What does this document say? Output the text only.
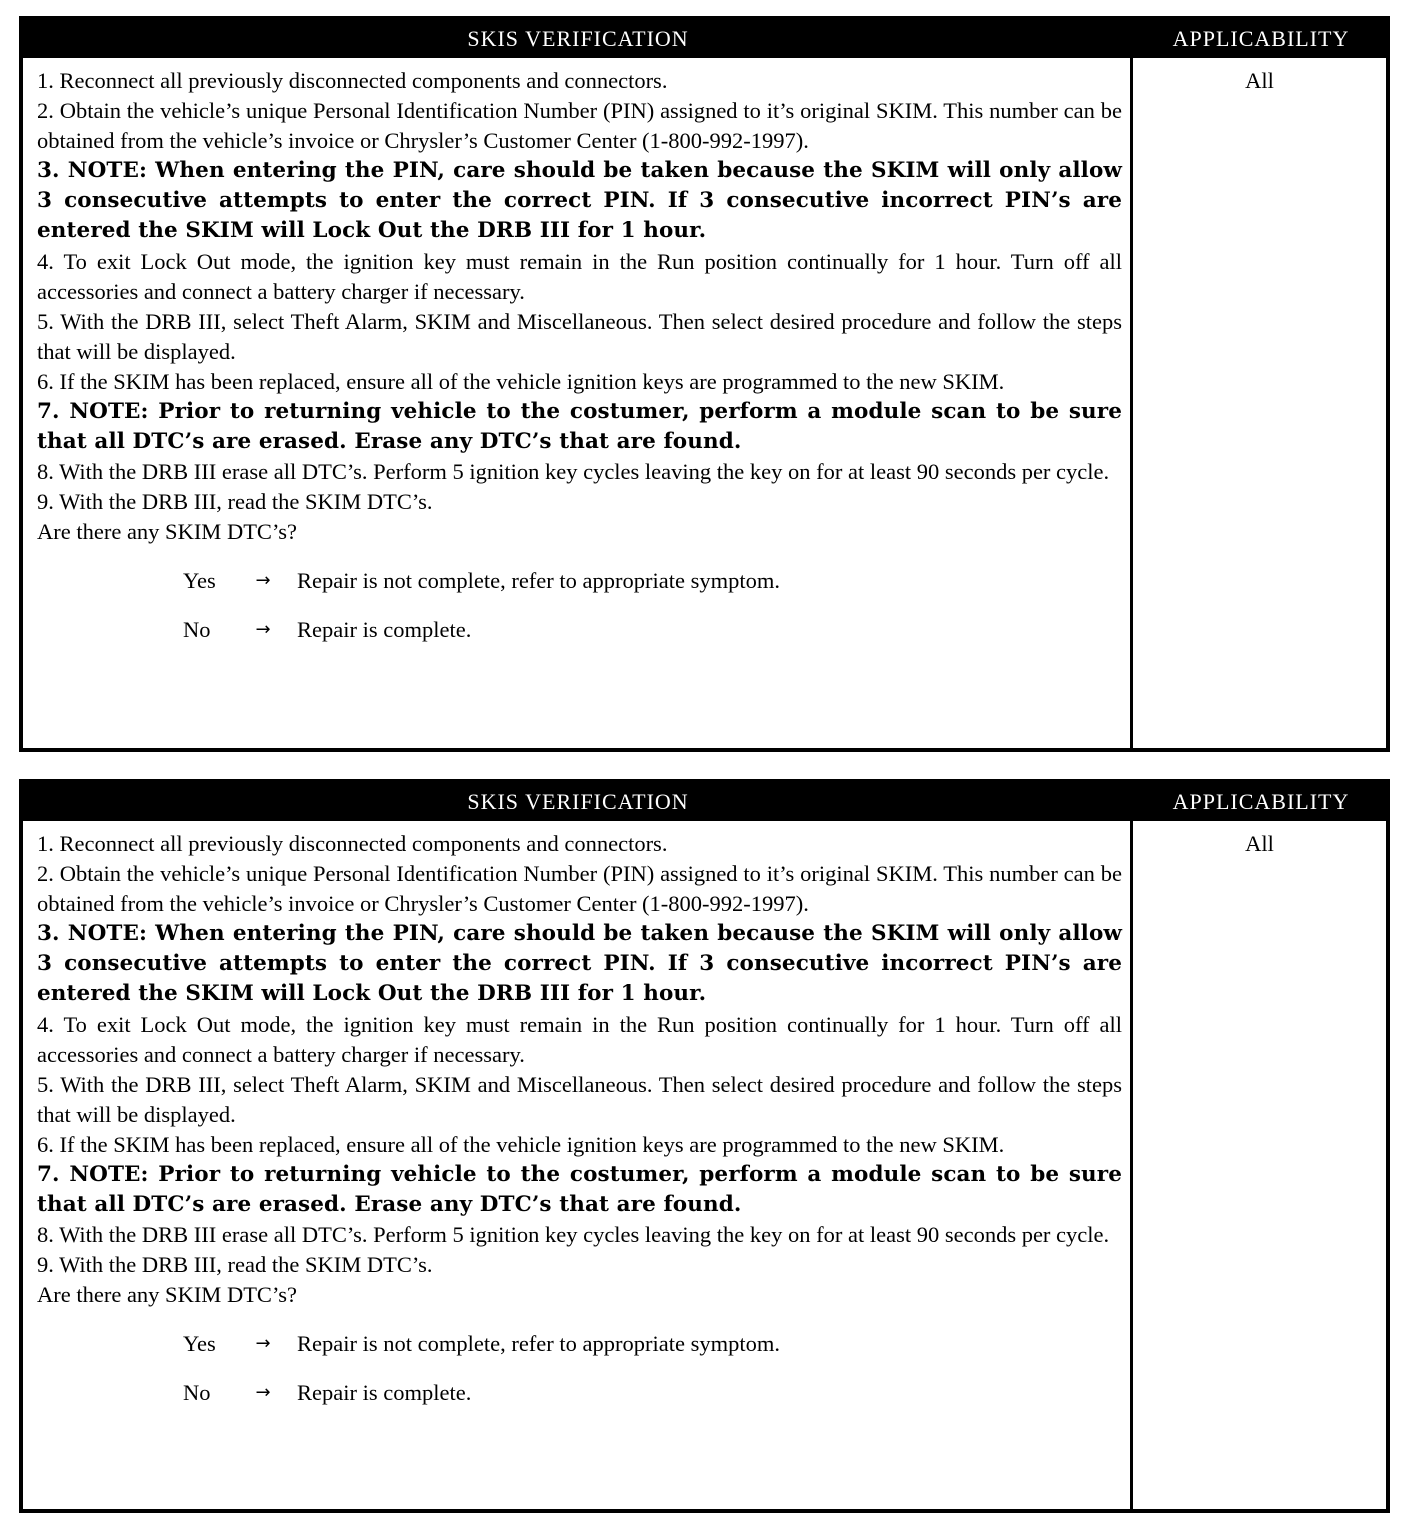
SKIS VERIFICATION	APPLICABILITY

1. Reconnect all previously disconnected components and connectors.

2. Obtain the vehicle’s unique Personal Identification Number (PIN) assigned to it’s original SKIM. This number can be obtained from the vehicle’s invoice or Chrysler’s Customer Center (1-800-992-1997).

3. NOTE: When entering the PIN, care should be taken because the SKIM will only allow 3 consecutive attempts to enter the correct PIN. If 3 consecutive incorrect PIN’s are entered the SKIM will Lock Out the DRB III for 1 hour.

4. To exit Lock Out mode, the ignition key must remain in the Run position continually for 1 hour. Turn off all accessories and connect a battery charger if necessary.

5. With the DRB III, select Theft Alarm, SKIM and Miscellaneous. Then select desired procedure and follow the steps that will be displayed.

6. If the SKIM has been replaced, ensure all of the vehicle ignition keys are programmed to the new SKIM.

7. NOTE: Prior to returning vehicle to the costumer, perform a module scan to be sure that all DTC’s are erased. Erase any DTC’s that are found.

8. With the DRB III erase all DTC’s. Perform 5 ignition key cycles leaving the key on for at least 90 seconds per cycle.

9. With the DRB III, read the SKIM DTC’s.

Are there any SKIM DTC’s?

Yes	→	Repair is not complete, refer to appropriate symptom.
No	→	Repair is complete.
All
SKIS VERIFICATION	APPLICABILITY

1. Reconnect all previously disconnected components and connectors.

2. Obtain the vehicle’s unique Personal Identification Number (PIN) assigned to it’s original SKIM. This number can be obtained from the vehicle’s invoice or Chrysler’s Customer Center (1-800-992-1997).

3. NOTE: When entering the PIN, care should be taken because the SKIM will only allow 3 consecutive attempts to enter the correct PIN. If 3 consecutive incorrect PIN’s are entered the SKIM will Lock Out the DRB III for 1 hour.

4. To exit Lock Out mode, the ignition key must remain in the Run position continually for 1 hour. Turn off all accessories and connect a battery charger if necessary.

5. With the DRB III, select Theft Alarm, SKIM and Miscellaneous. Then select desired procedure and follow the steps that will be displayed.

6. If the SKIM has been replaced, ensure all of the vehicle ignition keys are programmed to the new SKIM.

7. NOTE: Prior to returning vehicle to the costumer, perform a module scan to be sure that all DTC’s are erased. Erase any DTC’s that are found.

8. With the DRB III erase all DTC’s. Perform 5 ignition key cycles leaving the key on for at least 90 seconds per cycle.

9. With the DRB III, read the SKIM DTC’s.

Are there any SKIM DTC’s?

Yes	→	Repair is not complete, refer to appropriate symptom.
No	→	Repair is complete.
All
